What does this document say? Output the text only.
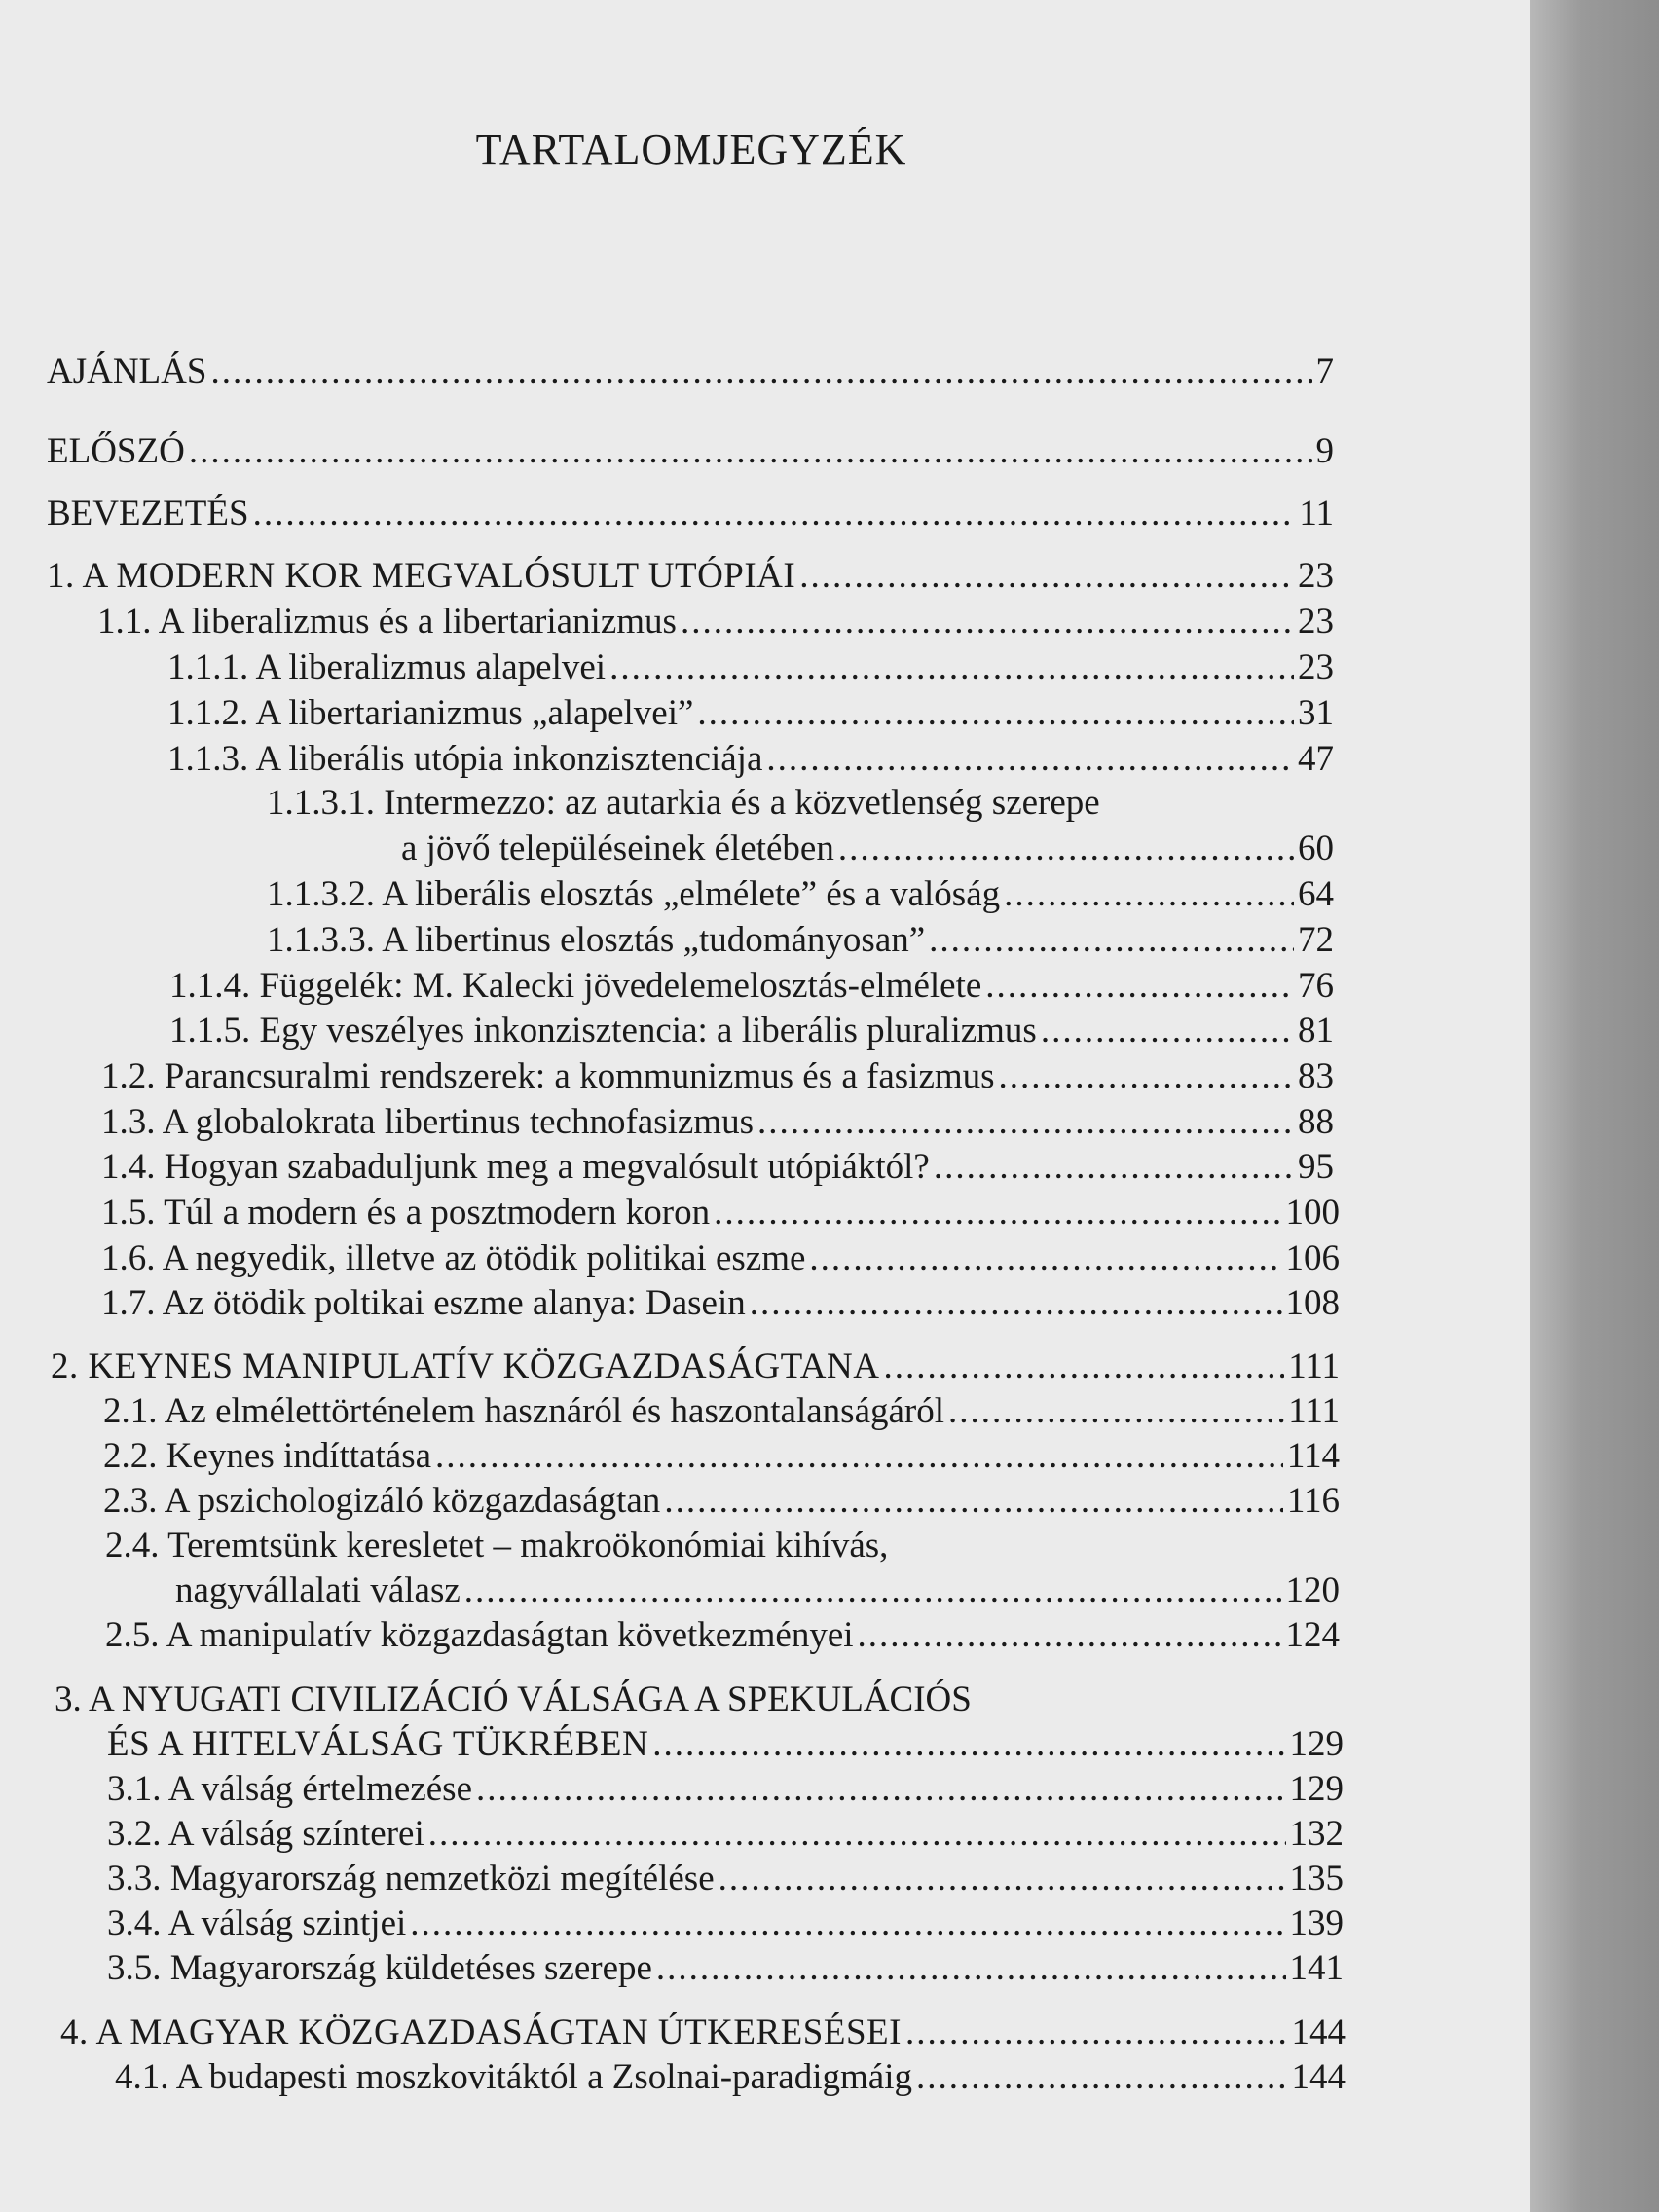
TARTALOMJEGYZÉK
AJÁNLÁS .....	7
ELŐSZÓ .....	9
BEVEZETÉS .....	11
1. A MODERN KOR MEGVALÓSULT UTÓPIÁI .....	23
1.1. A liberalizmus és a libertarianizmus .....	23
1.1.1. A liberalizmus alapelvei .....	23
1.1.2. A libertarianizmus „alapelvei” .....	31
1.1.3. A liberális utópia inkonzisztenciája .....	47
1.1.3.1. Intermezzo: az autarkia és a közvetlenség szerepe
a jövő településeinek életében .....	60
1.1.3.2. A liberális elosztás „elmélete” és a valóság .....	64
1.1.3.3. A libertinus elosztás „tudományosan” .....	72
1.1.4. Függelék: M. Kalecki jövedelemelosztás-elmélete .....	76
1.1.5. Egy veszélyes inkonzisztencia: a liberális pluralizmus .....	81
1.2. Parancsuralmi rendszerek: a kommunizmus és a fasizmus .....	83
1.3. A globalokrata libertinus technofasizmus .....	88
1.4. Hogyan szabaduljunk meg a megvalósult utópiáktól? .....	95
1.5. Túl a modern és a posztmodern koron .....	100
1.6. A negyedik, illetve az ötödik politikai eszme .....	106
1.7. Az ötödik poltikai eszme alanya: Dasein .....	108
2. KEYNES MANIPULATÍV KÖZGAZDASÁGTANA .....	111
2.1. Az elmélettörténelem hasznáról és haszontalanságáról .....	111
2.2. Keynes indíttatása .....	114
2.3. A pszichologizáló közgazdaságtan .....	116
2.4. Teremtsünk keresletet – makroökonómiai kihívás,
nagyvállalati válasz .....	120
2.5. A manipulatív közgazdaságtan következményei .....	124
3. A NYUGATI CIVILIZÁCIÓ VÁLSÁGA A SPEKULÁCIÓS
ÉS A HITELVÁLSÁG TÜKRÉBEN .....	129
3.1. A válság értelmezése .....	129
3.2. A válság színterei .....	132
3.3. Magyarország nemzetközi megítélése .....	135
3.4. A válság szintjei .....	139
3.5. Magyarország küldetéses szerepe .....	141
4. A MAGYAR KÖZGAZDASÁGTAN ÚTKERESÉSEI .....	144
4.1. A budapesti moszkovitáktól a Zsolnai-paradigmáig .....	144
